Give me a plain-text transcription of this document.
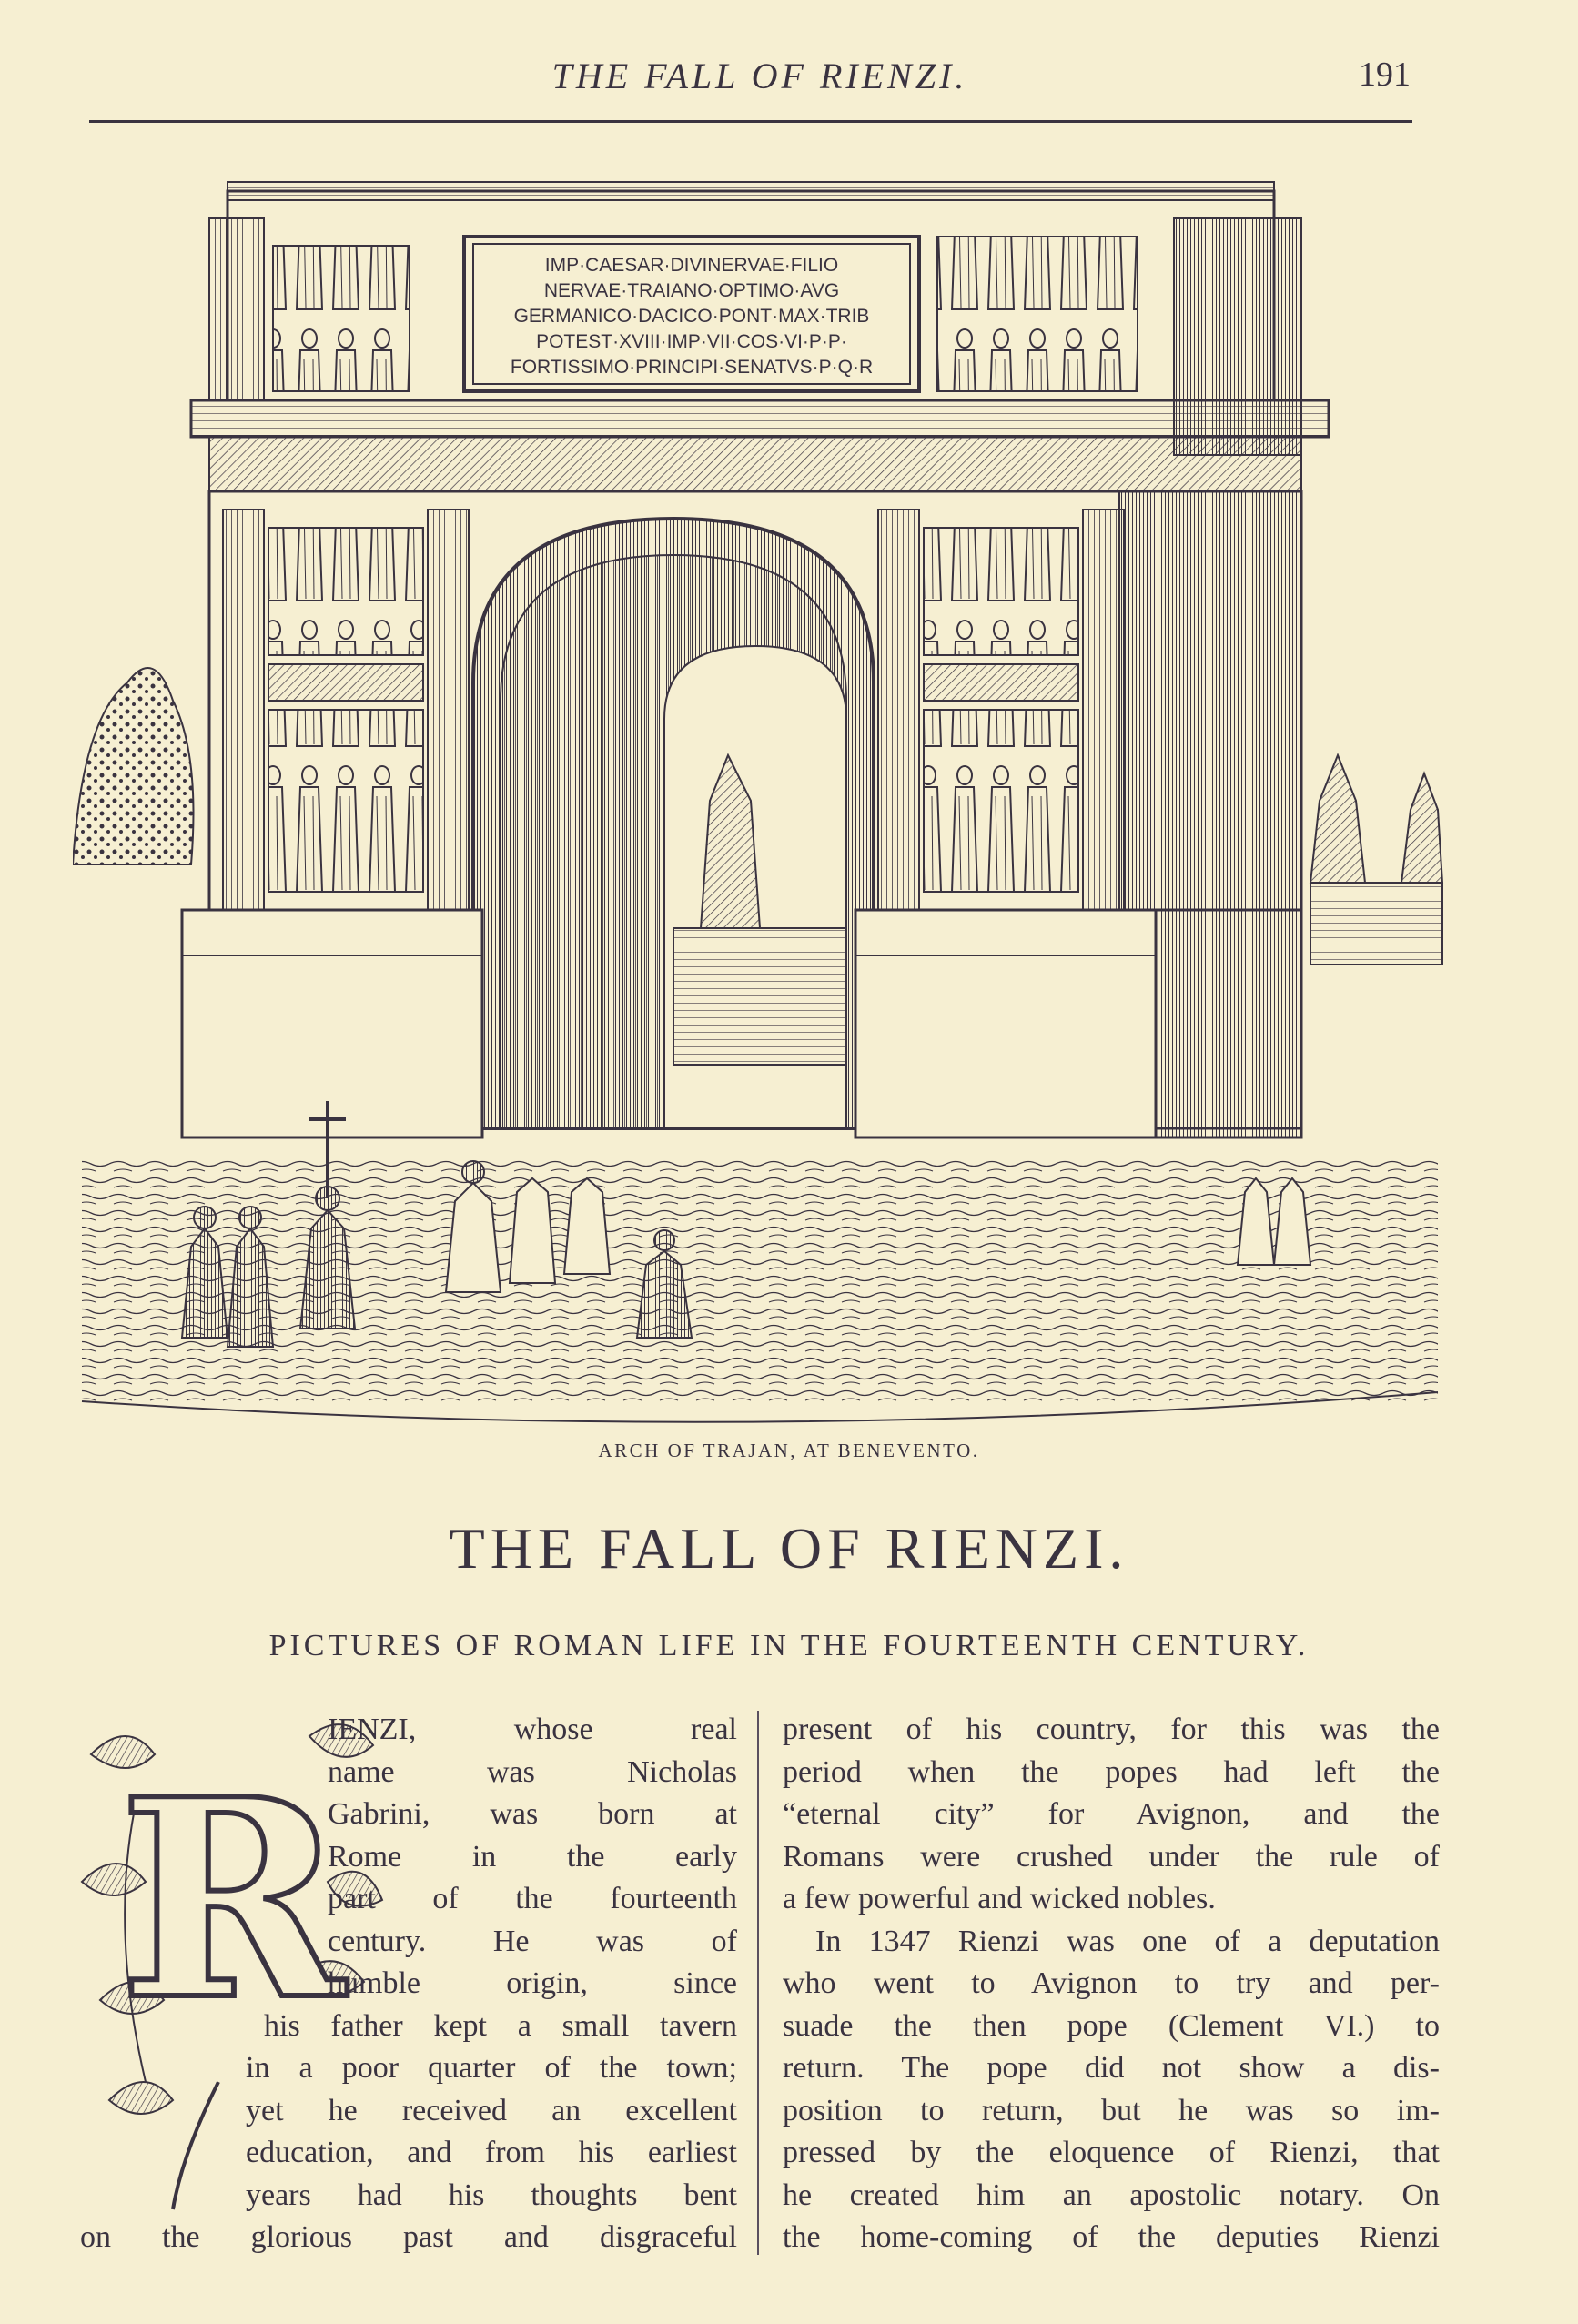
THE FALL OF RIENZI.	191
IMP·CAESAR·DIVINERVAE·FILIO
NERVAE·TRAIANO·OPTIMO·AVG
GERMANICO·DACICO·PONT·MAX·TRIB
POTEST·XVIII·IMP·VII·COS·VI·P·P·
FORTISSIMO·PRINCIPI·SENATVS·P·Q·R
ARCH OF TRAJAN, AT BENEVENTO.
THE FALL OF RIENZI.
PICTURES OF ROMAN LIFE IN THE FOURTEENTH CENTURY.
R
IENZI, whose real
name was Nicholas
Gabrini, was born at
Rome in the early
part of the fourteenth
century. He was of
humble origin, since
his father kept a small tavern
in a poor quarter of the town;
yet he received an excellent
education, and from his earliest
years had his thoughts bent
on the glorious past and disgraceful
present of his country, for this was the
period when the popes had left the
“eternal city” for Avignon, and the
Romans were crushed under the rule of
a few powerful and wicked nobles.
In 1347 Rienzi was one of a deputation
who went to Avignon to try and per-
suade the then pope (Clement VI.) to
return. The pope did not show a dis-
position to return, but he was so im-
pressed by the eloquence of Rienzi, that
he created him an apostolic notary. On
the home-coming of the deputies Rienzi
